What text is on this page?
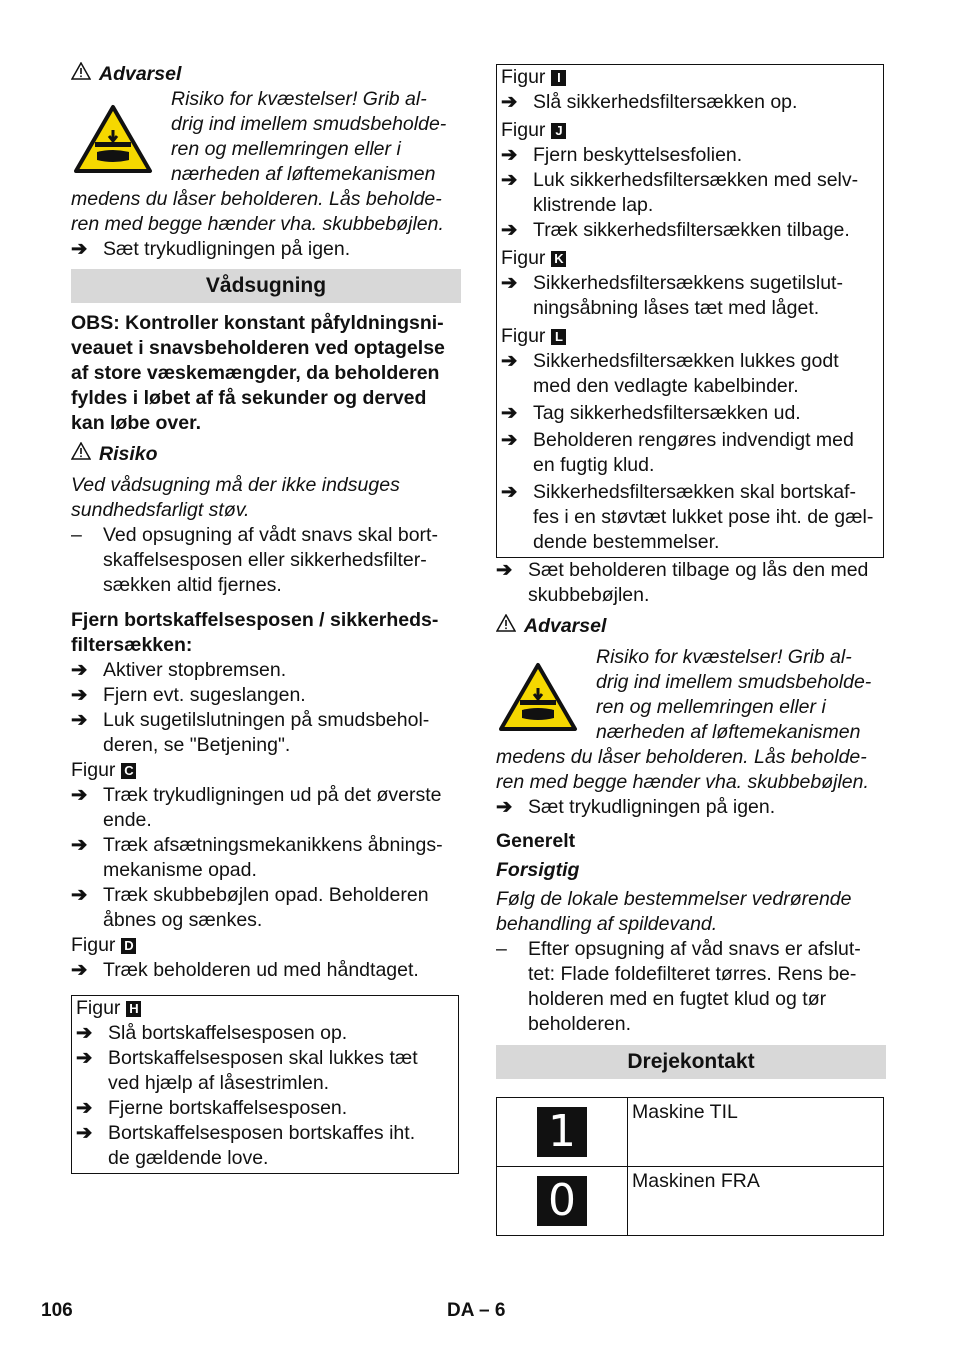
Advarsel
Risiko for kvæstelser! Grib al-
drig ind imellem smudsbeholde-
ren og mellemringen eller i
nærheden af løftemekanismen
medens du låser beholderen. Lås beholde-
ren med begge hænder vha. skubbebøjlen.
➔ Sæt trykudligningen på igen.
Vådsugning
OBS: Kontroller konstant påfyldningsni-
veauet i snavsbeholderen ved optagelse
af store væskemængder, da beholderen
fyldes i løbet af få sekunder og derved
kan løbe over.
Risiko
Ved vådsugning må der ikke indsuges
sundhedsfarligt støv.
–	Ved opsugning af vådt snavs skal bort-
skaffelsesposen eller sikkerhedsfilter-
sækken altid fjernes.
Fjern bortskaffelsesposen / sikkerheds-
filtersækken:
➔ Aktiver stopbremsen.
➔ Fjern evt. sugeslangen.
➔ Luk sugetilslutningen på smudsbehol-
deren, se "Betjening".
Figur C
➔ Træk trykudligningen ud på det øverste
ende.
➔ Træk afsætningsmekanikkens åbnings-
mekanisme opad.
➔ Træk skubbebøjlen opad. Beholderen
åbnes og sænkes.
Figur D
➔ Træk beholderen ud med håndtaget.
Figur H
➔ Slå bortskaffelsesposen op.
➔ Bortskaffelsesposen skal lukkes tæt
ved hjælp af låsestrimlen.
➔ Fjerne bortskaffelsesposen.
➔ Bortskaffelsesposen bortskaffes iht.
de gældende love.
Figur I
➔ Slå sikkerhedsfiltersækken op.
Figur J
➔ Fjern beskyttelsesfolien.
➔ Luk sikkerhedsfiltersækken med selv-
klistrende lap.
➔ Træk sikkerhedsfiltersækken tilbage.
Figur K
➔ Sikkerhedsfiltersækkens sugetilslut-
ningsåbning låses tæt med låget.
Figur L
➔ Sikkerhedsfiltersækken lukkes godt
med den vedlagte kabelbinder.
➔ Tag sikkerhedsfiltersækken ud.
➔ Beholderen rengøres indvendigt med
en fugtig klud.
➔ Sikkerhedsfiltersækken skal bortskaf-
fes i en støvtæt lukket pose iht. de gæl-
dende bestemmelser.
➔ Sæt beholderen tilbage og lås den med
skubbebøjlen.
Advarsel
Risiko for kvæstelser! Grib al-
drig ind imellem smudsbeholde-
ren og mellemringen eller i
nærheden af løftemekanismen
medens du låser beholderen. Lås beholde-
ren med begge hænder vha. skubbebøjlen.
➔ Sæt trykudligningen på igen.
Generelt
Forsigtig
Følg de lokale bestemmelser vedrørende
behandling af spildevand.
–	Efter opsugning af våd snavs er afslut-
tet: Flade foldefilteret tørres. Rens be-
holderen med en fugtet klud og tør
beholderen.
Drejekontakt
1	Maskine TIL
0	Maskinen FRA
106	DA – 6
